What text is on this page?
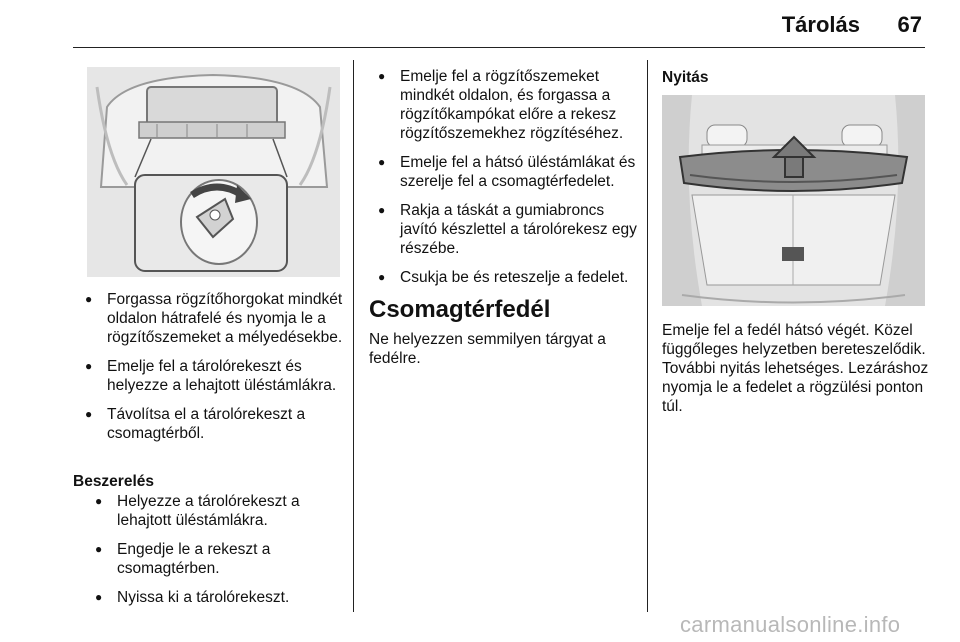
Tárolás	67
● Forgassa rögzítőhorgokat mindkét oldalon hátrafelé és nyomja le a rögzítőszemeket a mélyedésekbe.
● Emelje fel a tárolórekeszt és helyezze a lehajtott üléstámlákra.
● Távolítsa el a tárolórekeszt a csomagtérből.
Beszerelés
● Helyezze a tárolórekeszt a lehajtott üléstámlákra.
● Engedje le a rekeszt a csomagtérben.
● Nyissa ki a tárolórekeszt.
● Emelje fel a rögzítőszemeket mindkét oldalon, és forgassa a rögzítőkampókat előre a rekesz rögzítőszemekhez rögzítéséhez.
● Emelje fel a hátsó üléstámlákat és szerelje fel a csomagtérfedelet.
● Rakja a táskát a gumiabroncs javító készlettel a tárolórekesz egy részébe.
● Csukja be és reteszelje a fedelet.
Csomagtérfedél
Ne helyezzen semmilyen tárgyat a fedélre.
Nyitás
Emelje fel a fedél hátsó végét. Közel függőleges helyzetben bereteszelődik. További nyitás lehetséges. Lezáráshoz nyomja le a fedelet a rögzülési ponton túl.
carmanualsonline.info
